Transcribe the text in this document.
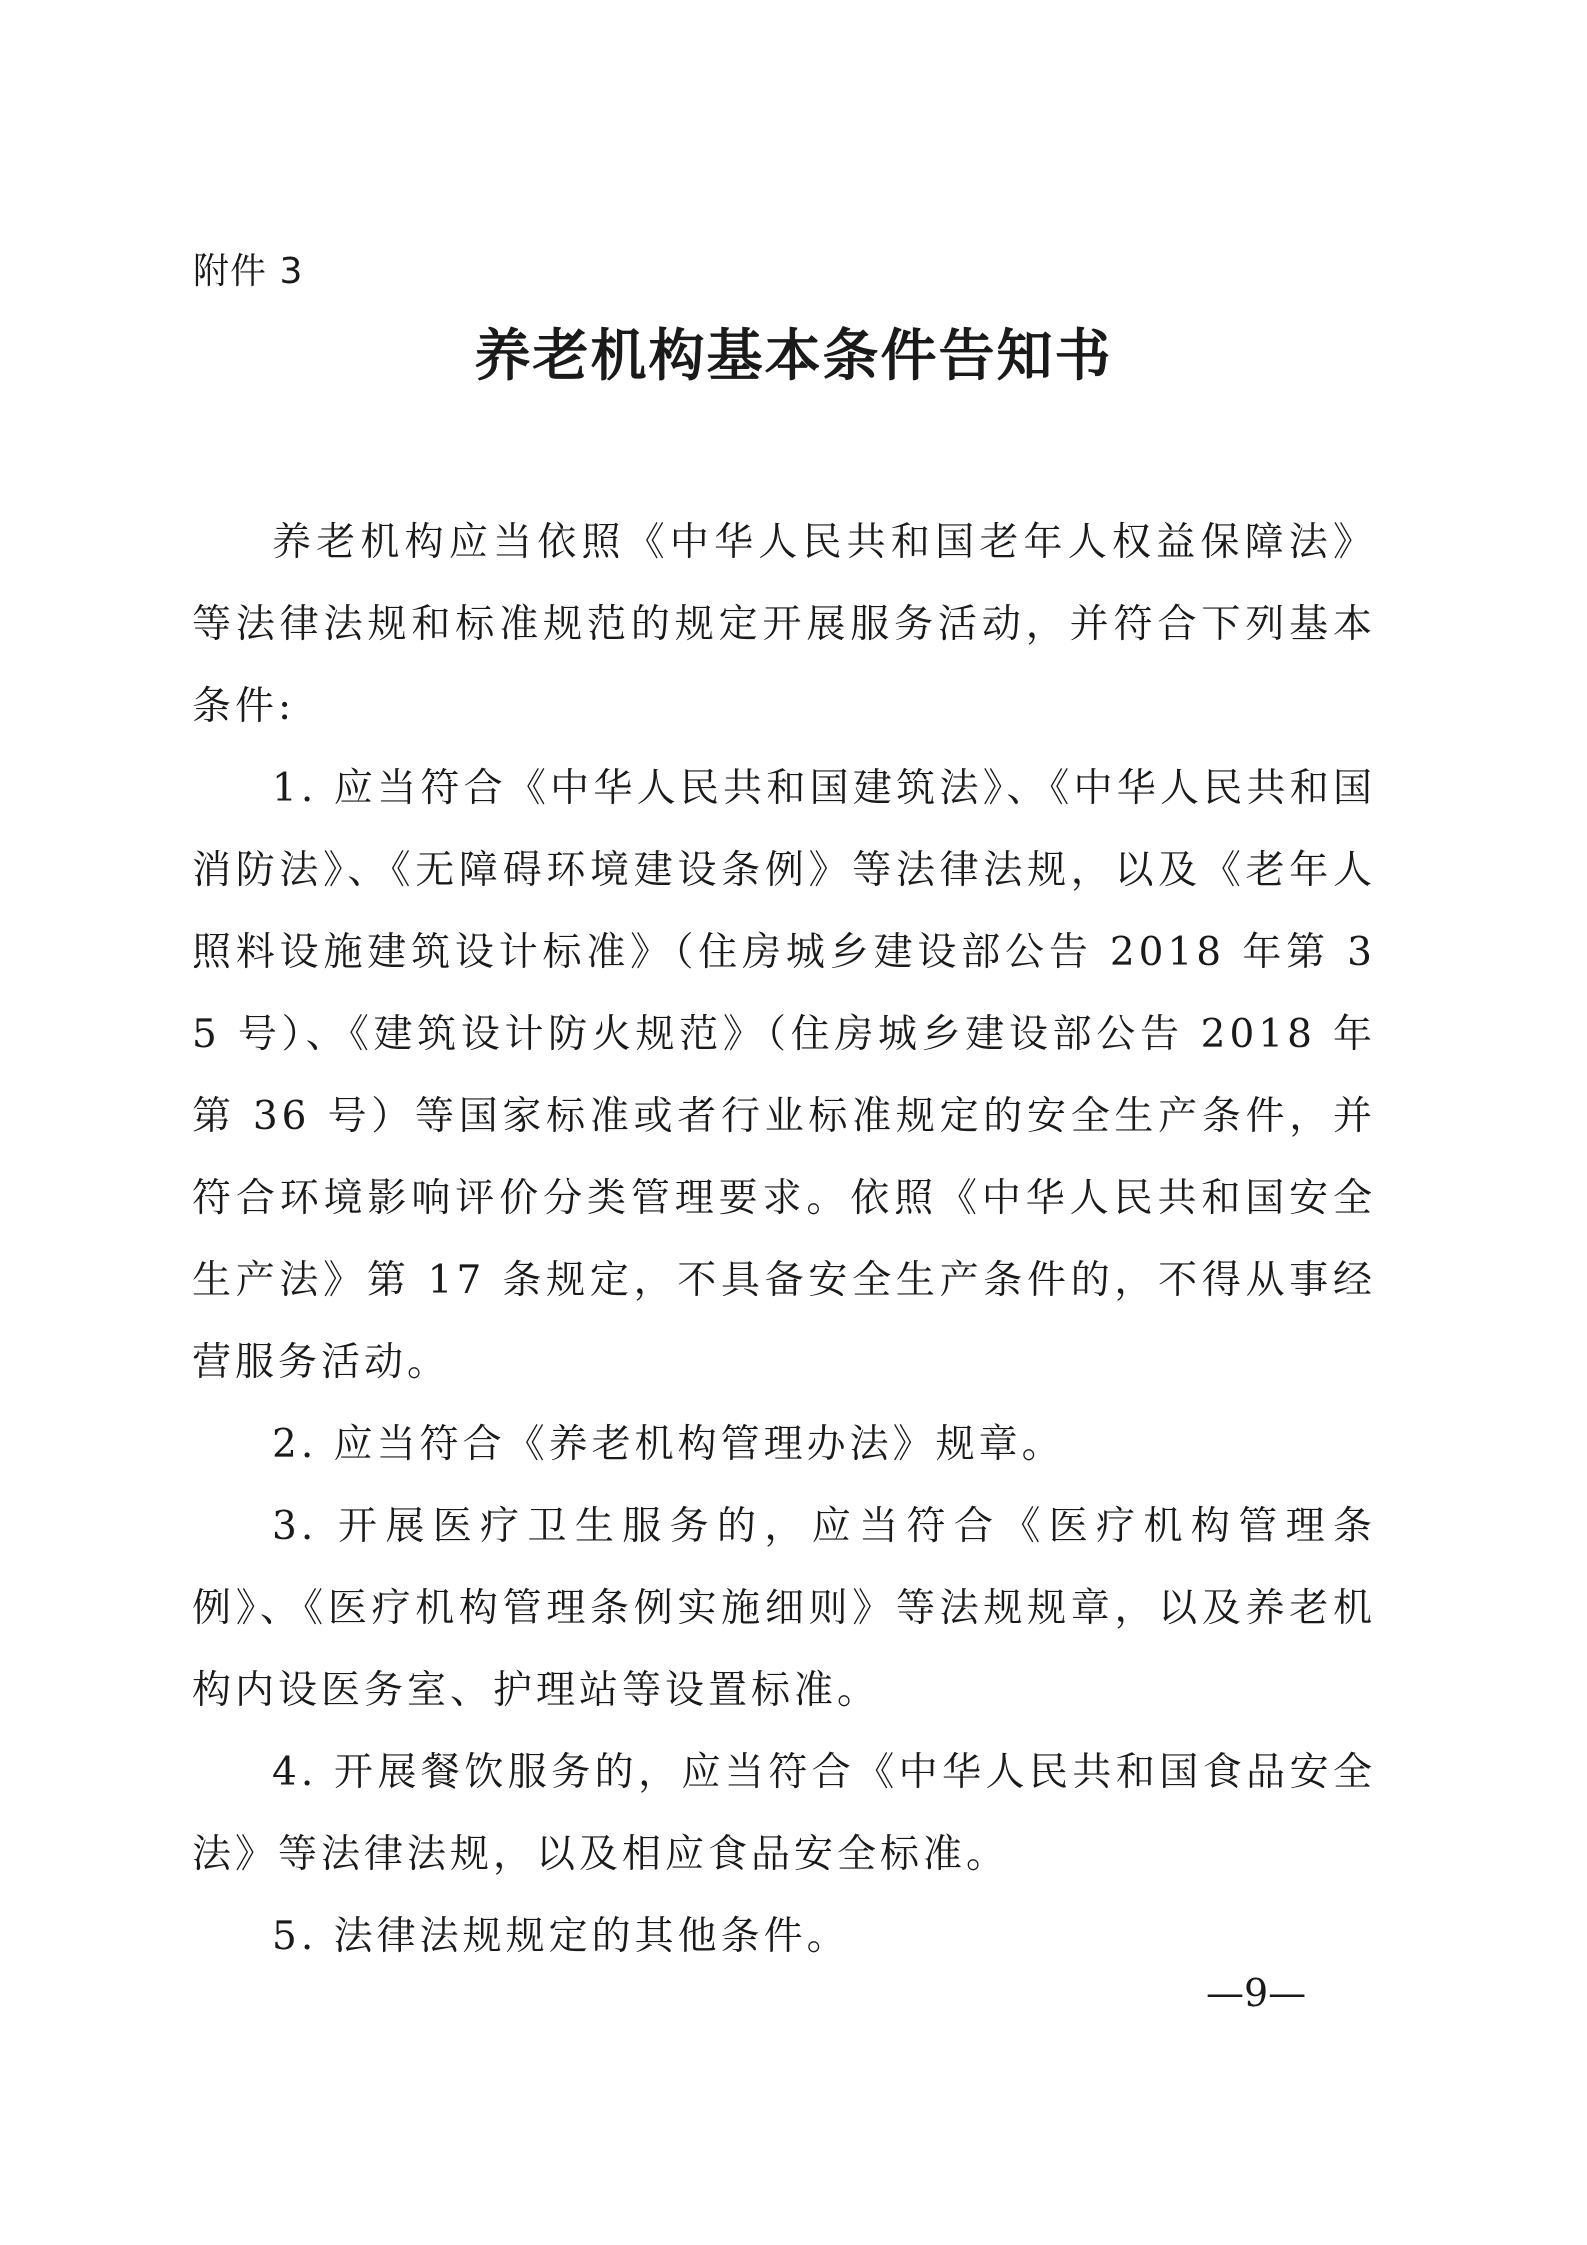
附件 3
养老机构基本条件告知书

养老机构应当依照《中华人民共和国老年人权益保障法》等法律法规和标准规范的规定开展服务活动，并符合下列基本条件:

1. 应当符合《中华人民共和国建筑法》、《中华人民共和国消防法》、《无障碍环境建设条例》等法律法规，以及《老年人照料设施建筑设计标准》（住房城乡建设部公告 2018 年第 35 号）、《建筑设计防火规范》（住房城乡建设部公告 2018 年第 36 号）等国家标准或者行业标准规定的安全生产条件，并符合环境影响评价分类管理要求。依照《中华人民共和国安全生产法》第 17 条规定，不具备安全生产条件的，不得从事经营服务活动。

2. 应当符合《养老机构管理办法》规章。

3. 开展医疗卫生服务的，应当符合《医疗机构管理条例》、《医疗机构管理条例实施细则》等法规规章，以及养老机构内设医务室、护理站等设置标准。

4. 开展餐饮服务的，应当符合《中华人民共和国食品安全法》等法律法规，以及相应食品安全标准。

5. 法律法规规定的其他条件。

—9—
